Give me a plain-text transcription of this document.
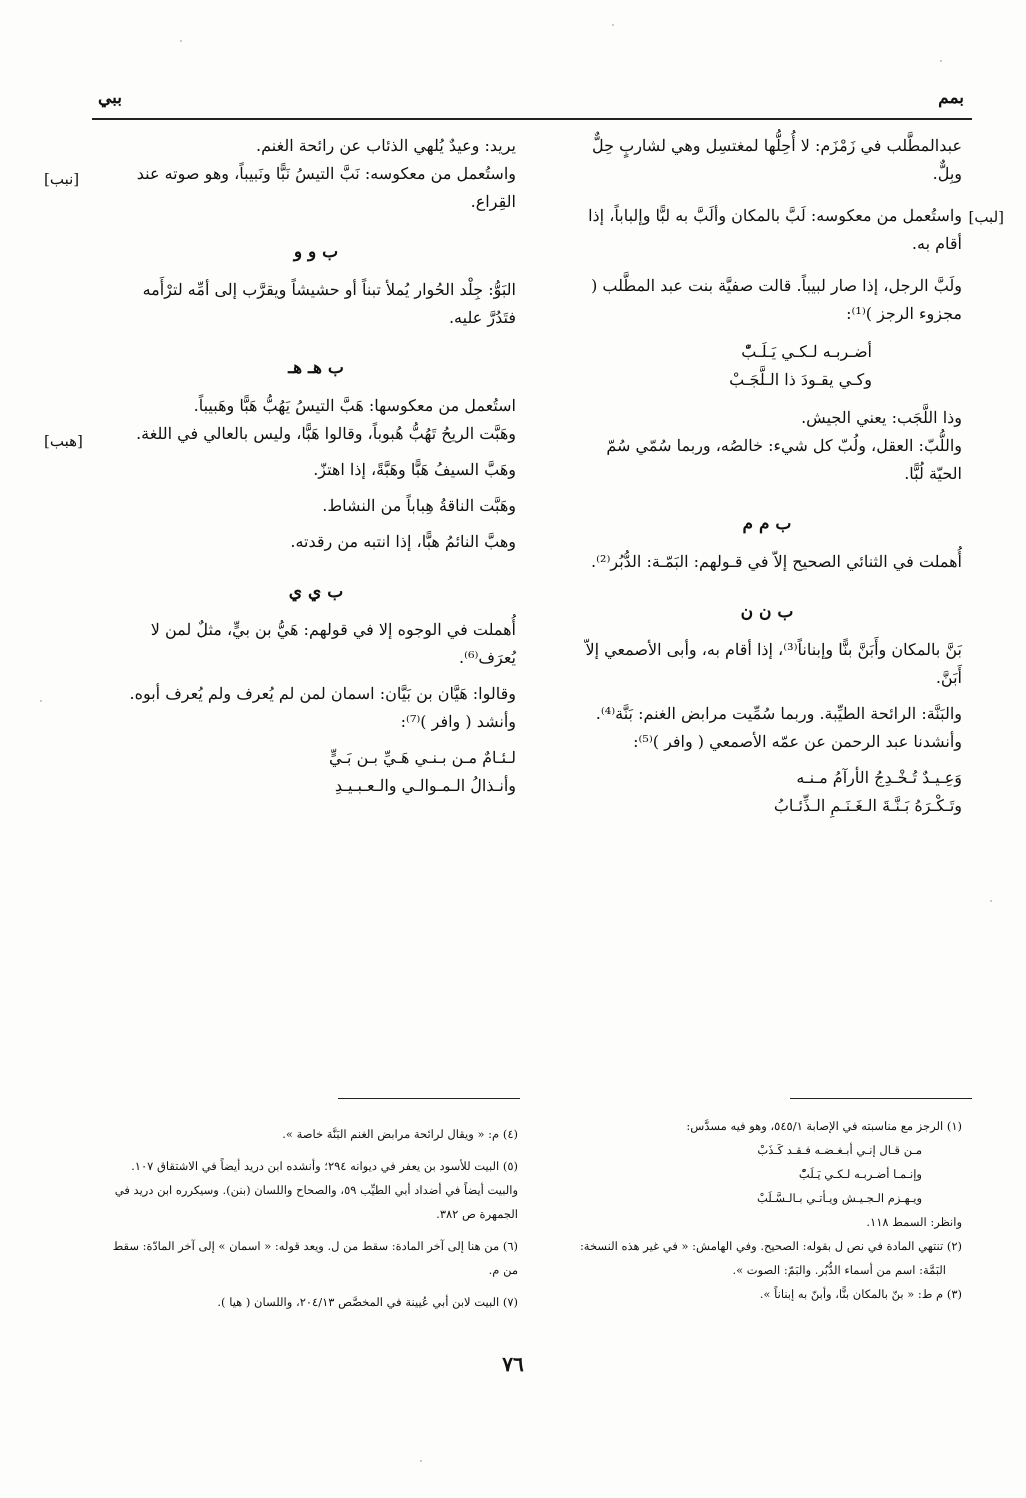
بمم
ببي

عبدالمطَّلب في زَمْزَم: لا أُحِلُّها لمغتسِل وهي لشاربٍ حِلٌّ وبِلٌّ.

واستُعمل من معكوسه: لَبَّ بالمكان وألَبَّ به لبًّا وإلباباً، إذا أقام به.

ولَبَّ الرجل، إذا صار لبيباً. قالت صفيَّة بنت عبد المطَّلب ( مجزوء الرجز )⁽¹⁾:

أضـربـه لـكـي يَـلَـبّْ

وكـي يقـودَ ذا الـلَّجَـبْ

وذا اللَّجَب: يعني الجيش.

واللُّبّ: العقل، ولُبّ كل شيء: خالصُه، وربما سُمّي سُمّ الحيّة لُبًّا.

ب م م

أُهملت في الثنائي الصحيح إلاّ في قـولهم: البَمّـة: الدُّبُر⁽²⁾.

ب ن ن

بَنَّ بالمكان وأَبَنَّ بنًّا وإبناناً⁽³⁾، إذا أقام به، وأبى الأصمعي إلاّ أَبَنَّ.

والبَنَّة: الرائحة الطيِّبة. وربما سُمِّيت مرابض الغنم: بَنَّة⁽⁴⁾. وأنشدنا عبد الرحمن عن عمّه الأصمعي ( وافر )⁽⁵⁾:

وَعِـيـدٌ تُـخْـدِجُ الأرآمُ مـنـه

وتَـكْـرَهُ بَـنَّـةَ الـغَـنَـمِ الـذِّئـابُ

يريد: وعيدٌ يُلهي الذئاب عن رائحة الغنم.

واستُعمل من معكوسه: نَبَّ التيسُ نَبًّا ونَبيباً، وهو صوته عند القِراع.

ب و و

البَوُّ: جِلْد الحُوار يُملأ تبناً أو حشيشاً ويقرَّب إلى أمِّه لترْأَمه فتَدُرَّ عليه.

ب هـ هـ

استُعمل من معكوسها: هَبَّ التيسُ يَهُبُّ هَبًّا وهَبيباً.

وهَبَّت الريحُ تَهُبُّ هُبوباً، وقالوا هَبًّا، وليس بالعالي في اللغة.

وهَبَّ السيفُ هَبًّا وهَبَّةً، إذا اهتزّ.

وهَبَّت الناقةُ هِباباً من النشاط.

وهبَّ النائمُ هبًّا، إذا انتبه من رقدته.

ب ي ي

أُهملت في الوجوه إلا في قولهم: هَيُّ بن بيٍّ، مثلٌ لمن لا يُعرَف⁽⁶⁾.

وقالوا: هَيَّان بن بَيَّان: اسمان لمن لم يُعرف ولم يُعرف أبوه. وأنشد ( وافر )⁽⁷⁾:

لـئـامٌ مـن بـنـي هَـيِّ بـن بَـيٍّ

وأنـذالُ الـمـوالـي والـعـبـيـدِ

[لبب]
[نبب]
[هبب]
(١) الرجز مع مناسبته في الإصابة ٥٤٥/١، وهو فيه مسدَّس:
مـن قـال إنـي أبـغـضـه فـقـد كَـذَبْ
وإنـمـا أضـربـه لـكـي يَـلَبّْ
ويـهـزم الـجـيـش ويـأتـي بـالـسَّـلَبْ
وانظر: السمط ١١٨.
(٢) تنتهي المادة في نص ل بقوله: الصحيح. وفي الهامش: « في غير هذه النسخة:
البَمَّة: اسم من أسماء الدُّبُر. والبَمّ: الصوت ».
(٣) م ط: « بنّ بالمكان بنًّا، وأبنّ به إبناناً ».
(٤) م: « ويقال لرائحة مرابض الغنم البَنَّة خاصة ».
(٥) البيت للأسود بن يعفر في ديوانه ٢٩٤؛ وأنشده ابن دريد أيضاً في الاشتقاق ١٠٧. والبيت أيضاً في أضداد أبي الطيِّب ٥٩، والصحاح واللسان (بنن). وسيكرره ابن دريد في الجمهرة ص ٣٨٢.
(٦) من هنا إلى آخر المادة: سقط من ل. ويعد قوله: « اسمان » إلى آخر المادّة: سقط من م.
(٧) البيت لابن أبي عُيينة في المخصَّص ٢٠٤/١٣، واللسان ( هيا ).
٧٦
